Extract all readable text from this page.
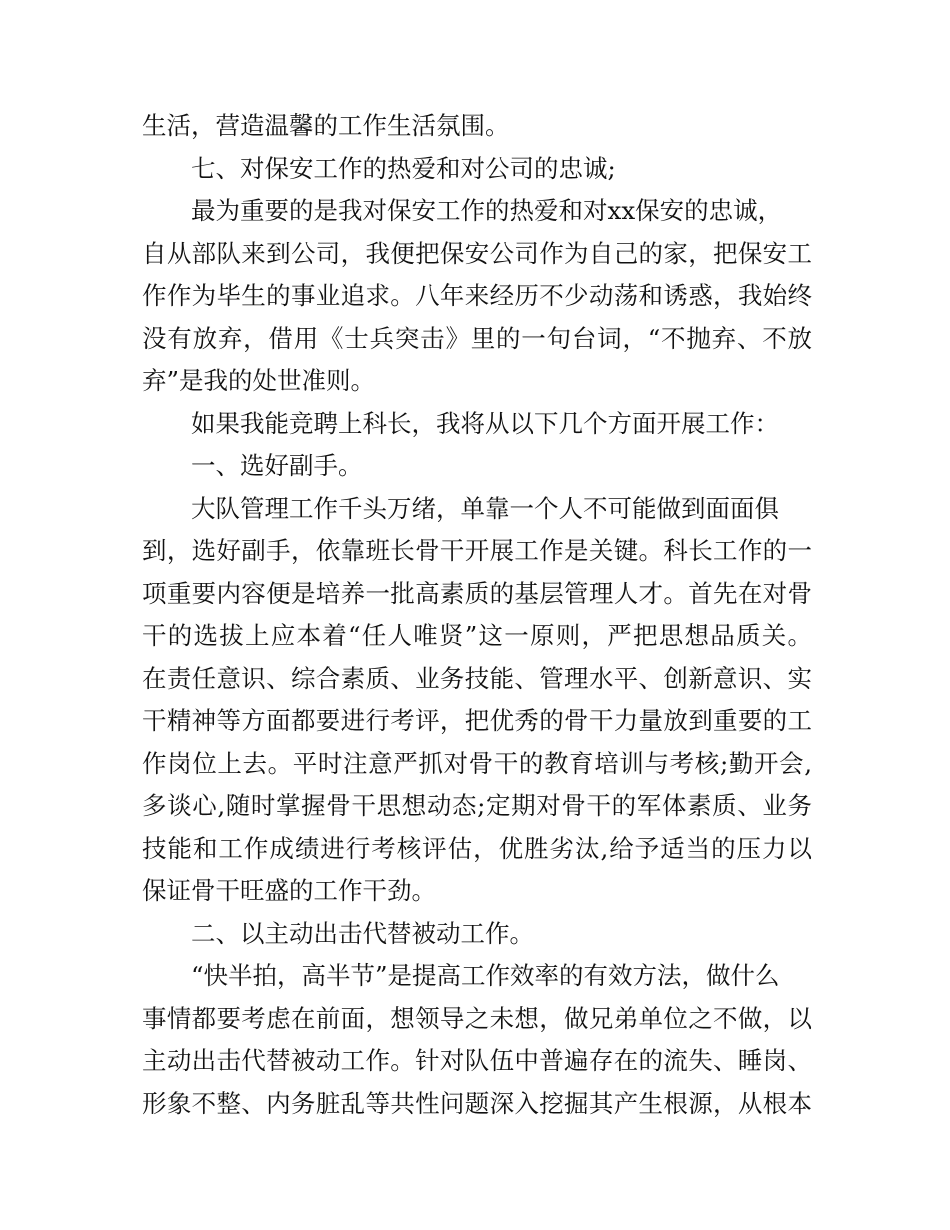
生活，营造温馨的工作生活氛围。
七、对保安工作的热爱和对公司的忠诚;
最为重要的是我对保安工作的热爱和对xx保安的忠诚，
自从部队来到公司，我便把保安公司作为自己的家，把保安工
作作为毕生的事业追求。八年来经历不少动荡和诱惑，我始终
没有放弃，借用《士兵突击》里的一句台词，“不抛弃、不放
弃”是我的处世准则。
如果我能竞聘上科长，我将从以下几个方面开展工作：
一、选好副手。
大队管理工作千头万绪，单靠一个人不可能做到面面俱
到，选好副手，依靠班长骨干开展工作是关键。科长工作的一
项重要内容便是培养一批高素质的基层管理人才。首先在对骨
干的选拔上应本着“任人唯贤”这一原则，严把思想品质关。
在责任意识、综合素质、业务技能、管理水平、创新意识、实
干精神等方面都要进行考评，把优秀的骨干力量放到重要的工
作岗位上去。平时注意严抓对骨干的教育培训与考核;勤开会,
多谈心,随时掌握骨干思想动态;定期对骨干的军体素质、业务
技能和工作成绩进行考核评估，优胜劣汰,给予适当的压力以
保证骨干旺盛的工作干劲。
二、以主动出击代替被动工作。
“快半拍，高半节”是提高工作效率的有效方法，做什么
事情都要考虑在前面，想领导之未想，做兄弟单位之不做，以
主动出击代替被动工作。针对队伍中普遍存在的流失、睡岗、
形象不整、内务脏乱等共性问题深入挖掘其产生根源，从根本
